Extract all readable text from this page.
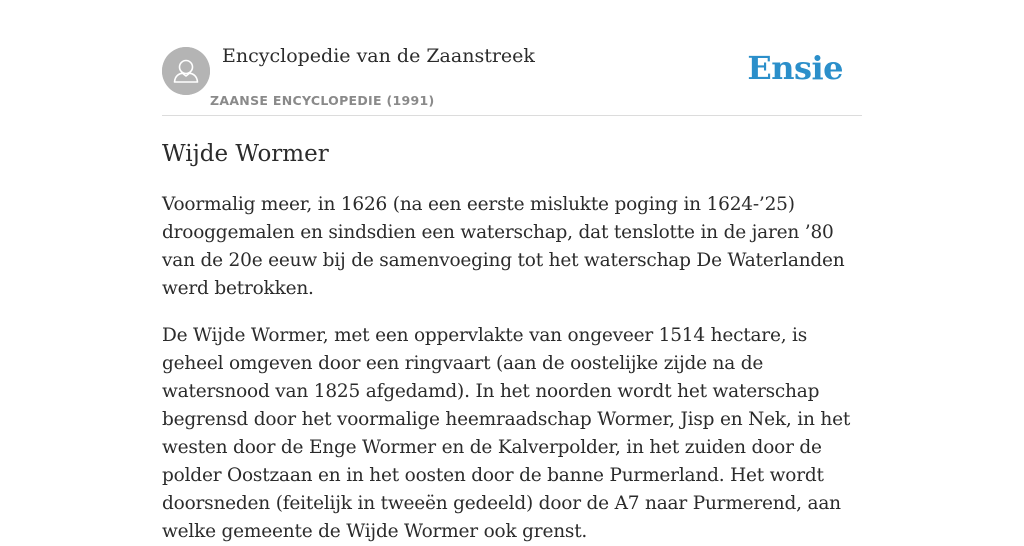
Encyclopedie van de Zaanstreek
ZAANSE ENCYCLOPEDIE (1991)
Ensie
Wijde Wormer

Voormalig meer, in 1626 (na een eerste mislukte poging in 1624-’25) drooggemalen en sindsdien een waterschap, dat tenslotte in de jaren ’80 van de 20e eeuw bij de samenvoeging tot het waterschap De Waterlanden werd betrokken.

De Wijde Wormer, met een oppervlakte van ongeveer 1514 hectare, is geheel omgeven door een ringvaart (aan de oostelijke zijde na de watersnood van 1825 afgedamd). In het noorden wordt het waterschap begrensd door het voormalige heemraadschap Wormer, Jisp en Nek, in het westen door de Enge Wormer en de Kalverpolder, in het zuiden door de polder Oostzaan en in het oosten door de banne Purmerland. Het wordt doorsneden (feitelijk in tweeën gedeeld) door de A7 naar Purmerend, aan welke gemeente de Wijde Wormer ook grenst.
